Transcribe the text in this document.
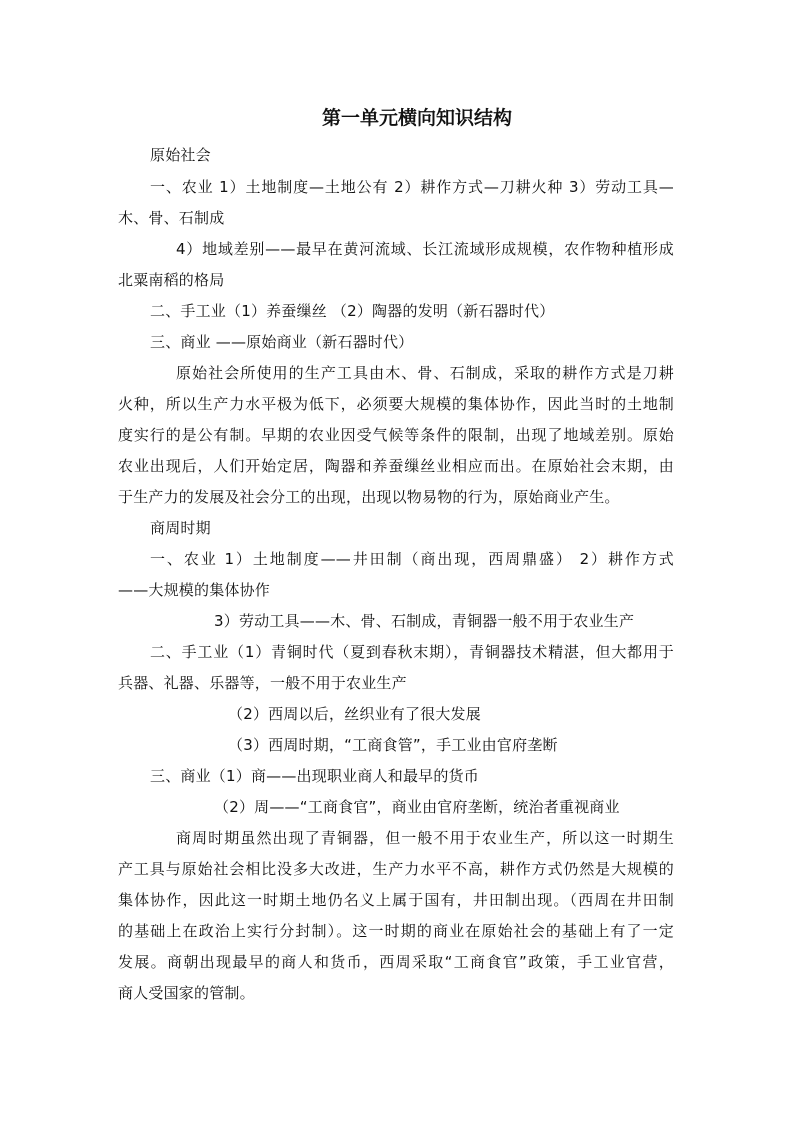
第一单元横向知识结构
原始社会
一、农业 1）土地制度—土地公有 2）耕作方式—刀耕火种 3）劳动工具—
木、骨、石制成
4）地域差别——最早在黄河流域、长江流域形成规模，农作物种植形成
北粟南稻的格局
二、手工业（1）养蚕缫丝 （2）陶器的发明（新石器时代）
三、商业 ——原始商业（新石器时代）
原始社会所使用的生产工具由木、骨、石制成，采取的耕作方式是刀耕
火种，所以生产力水平极为低下，必须要大规模的集体协作，因此当时的土地制
度实行的是公有制。早期的农业因受气候等条件的限制，出现了地域差别。原始
农业出现后，人们开始定居，陶器和养蚕缫丝业相应而出。在原始社会末期，由
于生产力的发展及社会分工的出现，出现以物易物的行为，原始商业产生。
商周时期
一、农业 1）土地制度——井田制（商出现，西周鼎盛） 2）耕作方式
——大规模的集体协作
3）劳动工具——木、骨、石制成，青铜器一般不用于农业生产
二、手工业（1）青铜时代（夏到春秋末期），青铜器技术精湛，但大都用于
兵器、礼器、乐器等，一般不用于农业生产
（2）西周以后，丝织业有了很大发展
（3）西周时期，“工商食管”，手工业由官府垄断
三、商业（1）商——出现职业商人和最早的货币
（2）周——“工商食官”，商业由官府垄断，统治者重视商业
商周时期虽然出现了青铜器，但一般不用于农业生产，所以这一时期生
产工具与原始社会相比没多大改进，生产力水平不高，耕作方式仍然是大规模的
集体协作，因此这一时期土地仍名义上属于国有，井田制出现。（西周在井田制
的基础上在政治上实行分封制）。这一时期的商业在原始社会的基础上有了一定
发展。商朝出现最早的商人和货币，西周采取“工商食官”政策，手工业官营，
商人受国家的管制。
